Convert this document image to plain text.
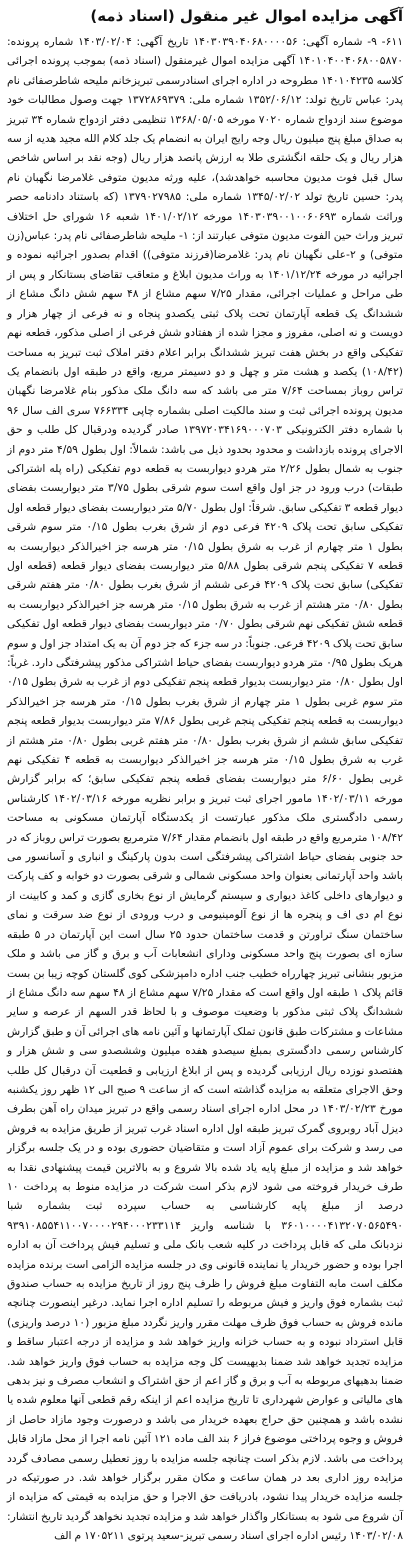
آگهی مزایده اموال غیر منقول (اسناد ذمه)

۶۱۱- ۹- شماره آگهی: ۱۴۰۳۰۳۹۰۴۰۶۸۰۰۰۰۵۶ تاریخ آگهی: ۱۴۰۳/۰۲/۰۴ شماره پرونده: ۱۴۰۱۰۴۰۰۴۰۶۸۰۰۵۸۷۰ آگهی مزایده اموال غیرمنقول (اسناد ذمه) بموجب پرونده اجرائی کلاسه ۱۴۰۱۰۴۲۳۵ مطروحه در اداره اجرای اسنادرسمی تبریزخانم ملیحه شاطرصفائی نام پدر: عباس تاریخ تولد: ۱۳۵۲/۰۶/۱۲ شماره ملی: ۱۳۷۲۸۶۹۳۷۹ جهت وصول مطالبات خود موضوع سند ازدواج شماره ۷۰۲۰ مورخه ۱۳۶۸/۰۵/۰۵ تنظیمی دفتر ازدواج شماره ۳۴ تبریز به صداق مبلغ پنج میلیون ریال وجه رایج ایران به انضمام یک جلد کلام الله مجید هدیه از سه هزار ریال و یک حلقه انگشتری طلا به ارزش پانصد هزار ریال (وجه نقد بر اساس شاخص سال قبل فوت مدیون محاسبه خواهدشد)، علیه ورثه مدیون متوفی غلامرضا نگهبان نام پدر: حسین تاریخ تولد ۱۳۴۵/۰۲/۰۲ شماره ملی: ۱۳۷۹۰۲۷۹۸۵ (که باستناد دادنامه حصر وراثت شماره ۱۴۰۳۰۳۹۰۰۱۰۰۶۰۶۹۳ مورخه ۱۴۰۱/۰۲/۱۲ شعبه ۱۶ شورای حل اختلاف تبریز وراث حین الفوت مدیون متوفی عبارتند از: ۱- ملیحه شاطرصفائی نام پدر: عباس(زن متوفی) و ۲-علی نگهبان نام پدر: غلامرضا(فرزند متوفی)) اقدام بصدور اجرائیه نموده و اجرائیه در مورخه ۱۴۰۱/۱۲/۲۴ به وراث مدیون ابلاغ و متعاقب تقاضای بستانکار و پس از طی مراحل و عملیات اجرائی، مقدار ۷/۲۵ سهم مشاع از ۴۸ سهم شش دانگ مشاع از ششدانگ یک قطعه آپارتمان تحت پلاک ثبتی یکصدو پنجاه و نه فرعی از چهار هزار و دویست و نه اصلی، مفروز و مجزا شده از هفتادو شش فرعی از اصلی مذکور، قطعه نهم تفکیکی واقع در بخش هفت تبریز ششدانگ برابر اعلام دفتر املاک ثبت تبریز به مساحت (۱۰۸/۴۲) یکصد و هشت متر و چهل و دو دسیمتر مربع، واقع در طبقه اول بانضمام یک تراس روباز بمساحت ۷/۶۴ متر می باشد که سه دانگ ملک مذکور بنام غلامرضا نگهبان مدیون پرونده اجرائی ثبت و سند مالکیت اصلی بشماره چاپی ۷۶۶۳۳۴ سری الف سال ۹۶ با شماره دفتر الکترونیکی ۱۳۹۷۲۰۳۴۱۶۹۰۰۰۷۰۳ صادر گردیده ودرقبال کل طلب و حق الاجرای پرونده بازداشت و محدود بحدود ذیل می باشد: شمالاً: اول بطول ۴/۵۹ متر دوم از جنوب به شمال بطول ۲/۲۶ متر هردو دیواربست به قطعه دوم تفکیکی (راه پله اشتراکی طبقات) درب ورود در جز اول واقع است سوم شرقی بطول ۳/۷۵ متر دیواربست بفضای دیوار قطعه ۳ تفکیکی سابق. شرقاً: اول بطول ۵/۷۰ متر دیواربست بفضای دیوار قطعه اول تفکیکی سابق تحت پلاک ۴۲۰۹ فرعی دوم از شرق بغرب بطول ۰/۱۵ متر سوم شرقی بطول ۱ متر چهارم از غرب به شرق بطول ۰/۱۵ متر هرسه جز اخیرالذکر دیواربست به قطعه ۷ تفکیکی پنجم شرقی بطول ۵/۸۸ متر دیواربست بفضای دیوار قطعه (قطعه اول تفکیکی) سابق تحت پلاک ۴۲۰۹ فرعی ششم از شرق بغرب بطول ۰/۸۰ متر هفتم شرقی بطول ۰/۸۰ متر هشتم از غرب به شرق بطول ۰/۱۵ متر هرسه جز اخیرالذکر دیواربست به قطعه شش تفکیکی نهم شرقی بطول ۰/۷۰ متر دیواربست بفضای دیوار قطعه اول تفکیکی سابق تحت پلاک ۴۲۰۹ فرعی. جنوباً: در سه جزء که جز دوم آن به یک امتداد جز اول و سوم هریک بطول ۰/۹۵ متر هردو دیواربست بفضای حیاط اشتراکی مذکور پیشرفتگی دارد. غرباً: اول بطول ۰/۸۰ متر دیواربست بدیوار قطعه پنجم تفکیکی دوم از غرب به شرق بطول ۰/۱۵ متر سوم غربی بطول ۱ متر چهارم از شرق بغرب بطول ۰/۱۵ متر هرسه جز اخیرالذکر دیواربست به قطعه پنجم تفکیکی پنجم غربی بطول ۷/۸۶ متر دیواربست بدیوار قطعه پنجم تفکیکی سابق ششم از شرق بغرب بطول ۰/۸۰ متر هفتم غربی بطول ۰/۸۰ متر هشتم از غرب به شرق بطول ۰/۱۵ متر هرسه جز اخیرالذکر دیواربست به قطعه ۴ تفکیکی نهم غربی بطول ۶/۶۰ متر دیواربست بفضای قطعه پنجم تفکیکی سابق؛ که برابر گزارش مورخه ۱۴۰۲/۰۳/۱۱ مامور اجرای ثبت تبریز و برابر نظریه مورخه ۱۴۰۲/۰۳/۱۶ کارشناس رسمی دادگستری ملک مذکور عبارتست از یکدستگاه آپارتمان مسکونی به مساحت ۱۰۸/۴۲ مترمربع واقع در طبقه اول بانضمام مقدار ۷/۶۴ مترمربع بصورت تراس روباز که در حد جنوبی بفضای حیاط اشتراکی پیشرفتگی است بدون پارکینگ و انباری و آسانسور می باشد واحد آپارتمانی بعنوان واحد مسکونی شمالی و شرقی بصورت دو خوابه و کف پارکت و دیوارهای داخلی کاغذ دیواری و سیستم گرمایش از نوع بخاری گازی و کمد و کابینت از نوع ام دی اف و پنجره ها از نوع آلومینیومی و درب ورودی از نوع ضد سرقت و نمای ساختمان سنگ تراورتن و قدمت ساختمان حدود ۲۵ سال است این آپارتمان در ۵ طبقه سازه ای بصورت پنج واحد مسکونی ودارای انشعابات آب و برق و گاز می باشد و ملک مزبور بنشانی تبریز چهارراه خطیب جنب اداره دامپزشکی کوی گلستان کوچه زیبا بن بست قائم پلاک ۱ طبقه اول واقع است که مقدار ۷/۲۵ سهم مشاع از ۴۸ سهم سه دانگ مشاع از ششدانگ پلاک ثبتی مذکور با وضعیت موصوف و با لحاظ قدر السهم از عرصه و سایر مشاعات و مشترکات طبق قانون تملک آپارتمانها و آئین نامه های اجرائی آن و طبق گزارش کارشناس رسمی دادگستری بمبلغ سیصدو هفده میلیون وششصدو سی و شش هزار و هفتصدو نوزده ریال ارزیابی گردیده و پس از ابلاغ ارزیابی و قطعیت آن درقبال کل طلب وحق الاجرای متعلقه به مزایده گذاشته است که از ساعت ۹ صبح الی ۱۲ ظهر روز یکشنبه مورخ ۱۴۰۳/۰۲/۲۳ در محل اداره اجرای اسناد رسمی واقع در تبریز میدان راه آهن بطرف دیزل آباد روبروی گمرک تبریز طبقه اول اداره اسناد غرب تبریز از طریق مزایده به فروش می رسد و شرکت برای عموم آزاد است و متقاضیان حضوری بوده و در یک جلسه برگزار خواهد شد و مزایده از مبلغ پایه یاد شده بالا شروع و به بالاترین قیمت پیشنهادی نقدا به طرف خریدار فروخته می شود لازم بذکر است شرکت در مزایده منوط به پرداخت ۱۰ درصد از مبلغ پایه کارشناسی به حساب سپرده ثبت بشماره شبا ۳۶۰۱۰۰۰۰۴۱۳۲۰۷۰۵۶۵۴۹۰ با شناسه واریز ۹۳۹۱۰۸۵۵۴۱۱۰۰۷۰۰۰۰۲۹۴۰۰۰۲۳۳۱۱۴ نزدبانک ملی که قابل پرداخت در کلیه شعب بانک ملی و تسلیم فیش پرداخت آن به اداره اجرا بوده و حضور خریدار یا نماینده قانونی وی در جلسه مزایده الزامی است برنده مزایده مکلف است مابه التفاوت مبلغ فروش را ظرف پنج روز از تاریخ مزایده به حساب صندوق ثبت بشماره فوق واریز و فیش مربوطه را تسلیم اداره اجرا نماید. درغیر اینصورت چنانچه مانده فروش به حساب فوق ظرف مهلت مقرر واریز نگردد مبلغ مزبور (۱۰ درصد واریزی) قابل استرداد نبوده و به حساب خزانه واریز خواهد شد و مزایده از درجه اعتبار ساقط و مزایده تجدید خواهد شد ضمنا بدیهیست کل وجه مزایده به حساب فوق واریز خواهد شد. ضمنا بدهیهای مربوطه به آب و برق و گاز اعم از حق اشتراک و انشعاب مصرف و نیز بدهی های مالیاتی و عوارض شهرداری تا تاریخ مزایده اعم از اینکه رقم قطعی آنها معلوم شده یا نشده باشد و همچنین حق حراج بعهده خریدار می باشد و درصورت وجود مازاد حاصل از فروش و وجوه پرداختی موضوع فراز ۶ بند الف ماده ۱۲۱ آئین نامه اجرا از محل مازاد قابل پرداخت می باشد. لازم بذکر است چنانچه جلسه مزایده با روز تعطیل رسمی مصادف گردد مزایده روز اداری بعد در همان ساعت و مکان مقرر برگزار خواهد شد. در صورتیکه در جلسه مزایده خریدار پیدا نشود، بادریافت حق الاجرا و حق مزایده به قیمتی که مزایده از آن شروع می شود به بستانکار واگذار خواهد شد و مزایده تجدید نخواهد گردید تاریخ انتشار: ۱۴۰۳/۰۲/۰۸ رئیس اداره اجرای اسناد رسمی تبریز-سعید پرتوی ۱۷۰۵۲۱۱ م الف
